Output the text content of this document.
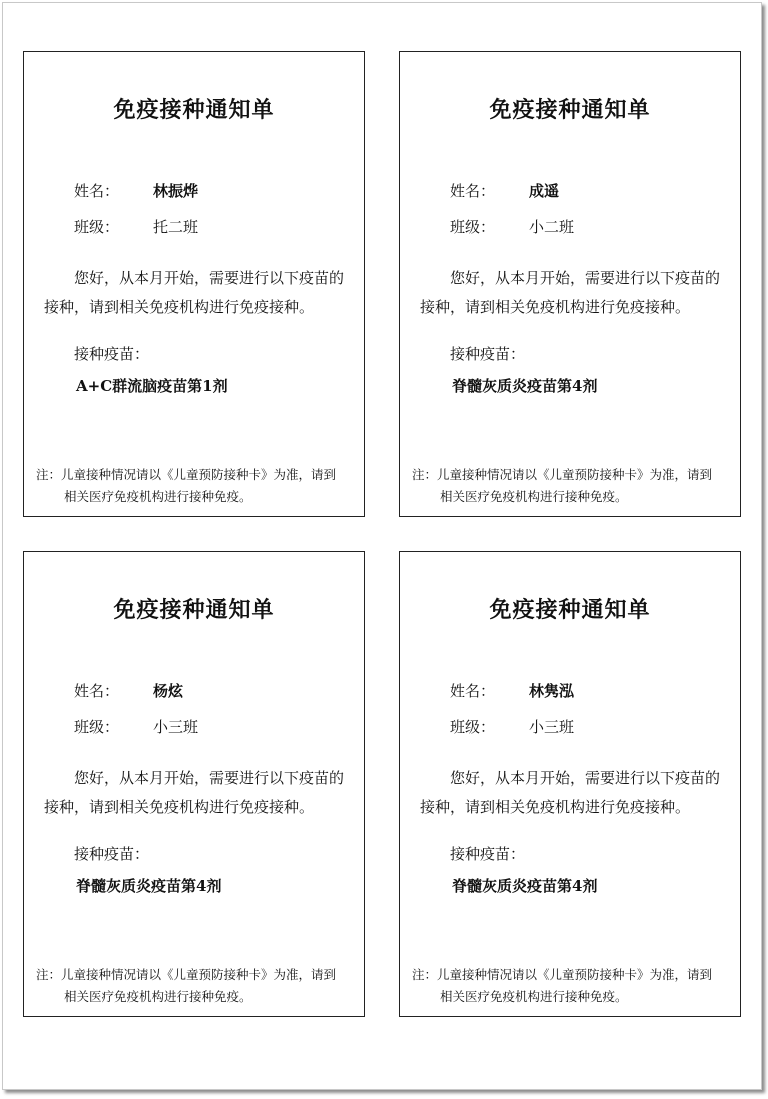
免疫接种通知单
姓名： 林振烨
班级： 托二班
您好，从本月开始，需要进行以下疫苗的接种，请到相关免疫机构进行免疫接种。
接种疫苗：
A+C群流脑疫苗第1剂
注：儿童接种情况请以《儿童预防接种卡》为准，请到
相关医疗免疫机构进行接种免疫。
免疫接种通知单
姓名： 成遥
班级： 小二班
您好，从本月开始，需要进行以下疫苗的接种，请到相关免疫机构进行免疫接种。
接种疫苗：
脊髓灰质炎疫苗第4剂
注：儿童接种情况请以《儿童预防接种卡》为准，请到
相关医疗免疫机构进行接种免疫。
免疫接种通知单
姓名： 杨炫
班级： 小三班
您好，从本月开始，需要进行以下疫苗的接种，请到相关免疫机构进行免疫接种。
接种疫苗：
脊髓灰质炎疫苗第4剂
注：儿童接种情况请以《儿童预防接种卡》为准，请到
相关医疗免疫机构进行接种免疫。
免疫接种通知单
姓名： 林隽泓
班级： 小三班
您好，从本月开始，需要进行以下疫苗的接种，请到相关免疫机构进行免疫接种。
接种疫苗：
脊髓灰质炎疫苗第4剂
注：儿童接种情况请以《儿童预防接种卡》为准，请到
相关医疗免疫机构进行接种免疫。
